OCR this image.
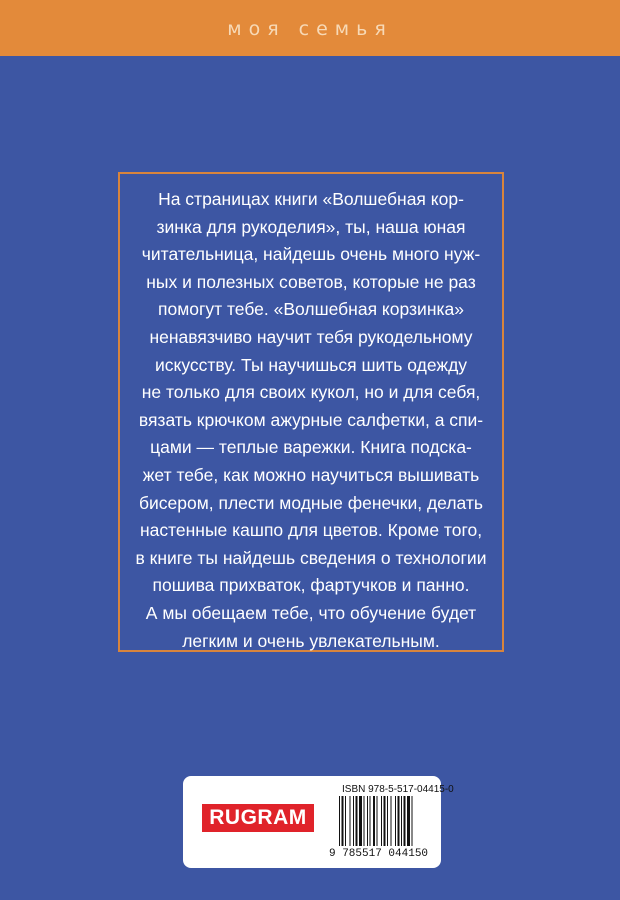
моя семья
На страницах книги «Волшебная кор-
зинка для рукоделия», ты, наша юная
читательница, найдешь очень много нуж-
ных и полезных советов, которые не раз
помогут тебе. «Волшебная корзинка»
ненавязчиво научит тебя рукодельному
искусству. Ты научишься шить одежду
не только для своих кукол, но и для себя,
вязать крючком ажурные салфетки, а спи-
цами — теплые варежки. Книга подска-
жет тебе, как можно научиться вышивать
бисером, плести модные фенечки, делать
настенные кашпо для цветов. Кроме того,
в книге ты найдешь сведения о технологии
пошива прихваток, фартучков и панно.
А мы обещаем тебе, что обучение будет
легким и очень увлекательным.
RUGRAM
ISBN 978-5-517-04415-0
9 785517 044150
